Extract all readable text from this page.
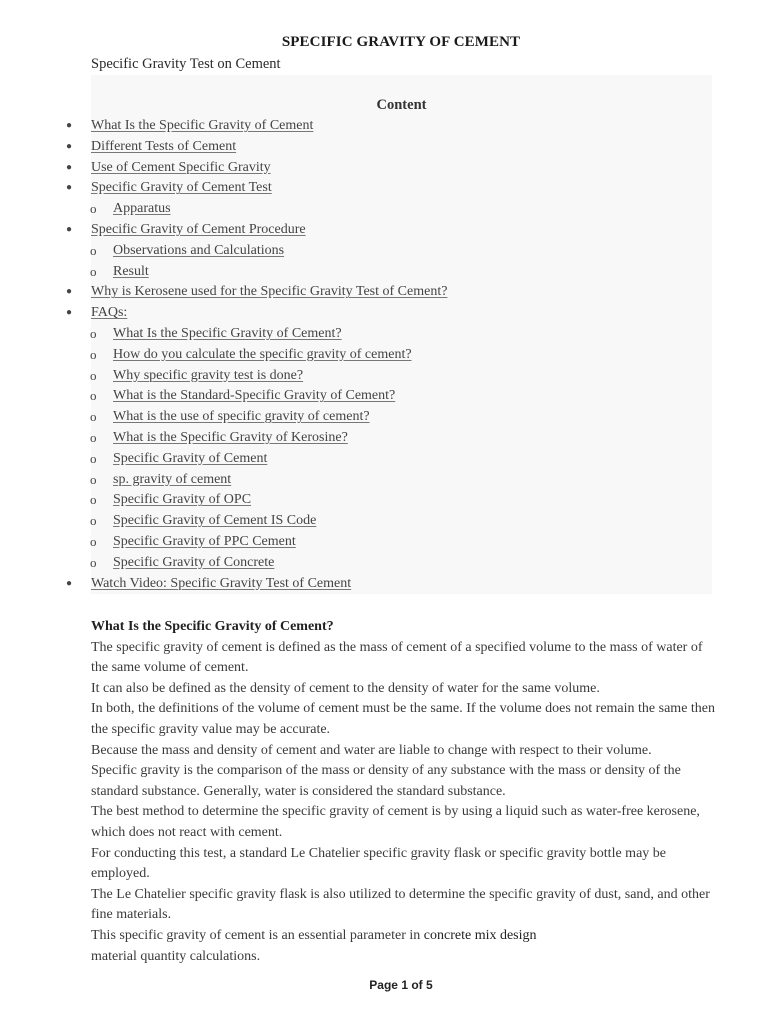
SPECIFIC GRAVITY OF CEMENT
Specific Gravity Test on Cement
Content
● What Is the Specific Gravity of Cement
● Different Tests of Cement
● Use of Cement Specific Gravity
● Specific Gravity of Cement Test
o Apparatus
● Specific Gravity of Cement Procedure
o Observations and Calculations
o Result
● Why is Kerosene used for the Specific Gravity Test of Cement?
● FAQs:
o What Is the Specific Gravity of Cement?
o How do you calculate the specific gravity of cement?
o Why specific gravity test is done?
o What is the Standard-Specific Gravity of Cement?
o What is the use of specific gravity of cement?
o What is the Specific Gravity of Kerosine?
o Specific Gravity of Cement
o sp. gravity of cement
o Specific Gravity of OPC
o Specific Gravity of Cement IS Code
o Specific Gravity of PPC Cement
o Specific Gravity of Concrete
● Watch Video: Specific Gravity Test of Cement
What Is the Specific Gravity of Cement?

The specific gravity of cement is defined as the mass of cement of a specified volume to the mass of water of the same volume of cement.

It can also be defined as the density of cement to the density of water for the same volume.

In both, the definitions of the volume of cement must be the same. If the volume does not remain the same then the specific gravity value may be accurate.

Because the mass and density of cement and water are liable to change with respect to their volume.

Specific gravity is the comparison of the mass or density of any substance with the mass or density of the standard substance. Generally, water is considered the standard substance.

The best method to determine the specific gravity of cement is by using a liquid such as water-free kerosene, which does not react with cement.

For conducting this test, a standard Le Chatelier specific gravity flask or specific gravity bottle may be employed.

The Le Chatelier specific gravity flask is also utilized to determine the specific gravity of dust, sand, and other fine materials.

This specific gravity of cement is an essential parameter in concrete mix design
material quantity calculations.

Page 1 of 5
